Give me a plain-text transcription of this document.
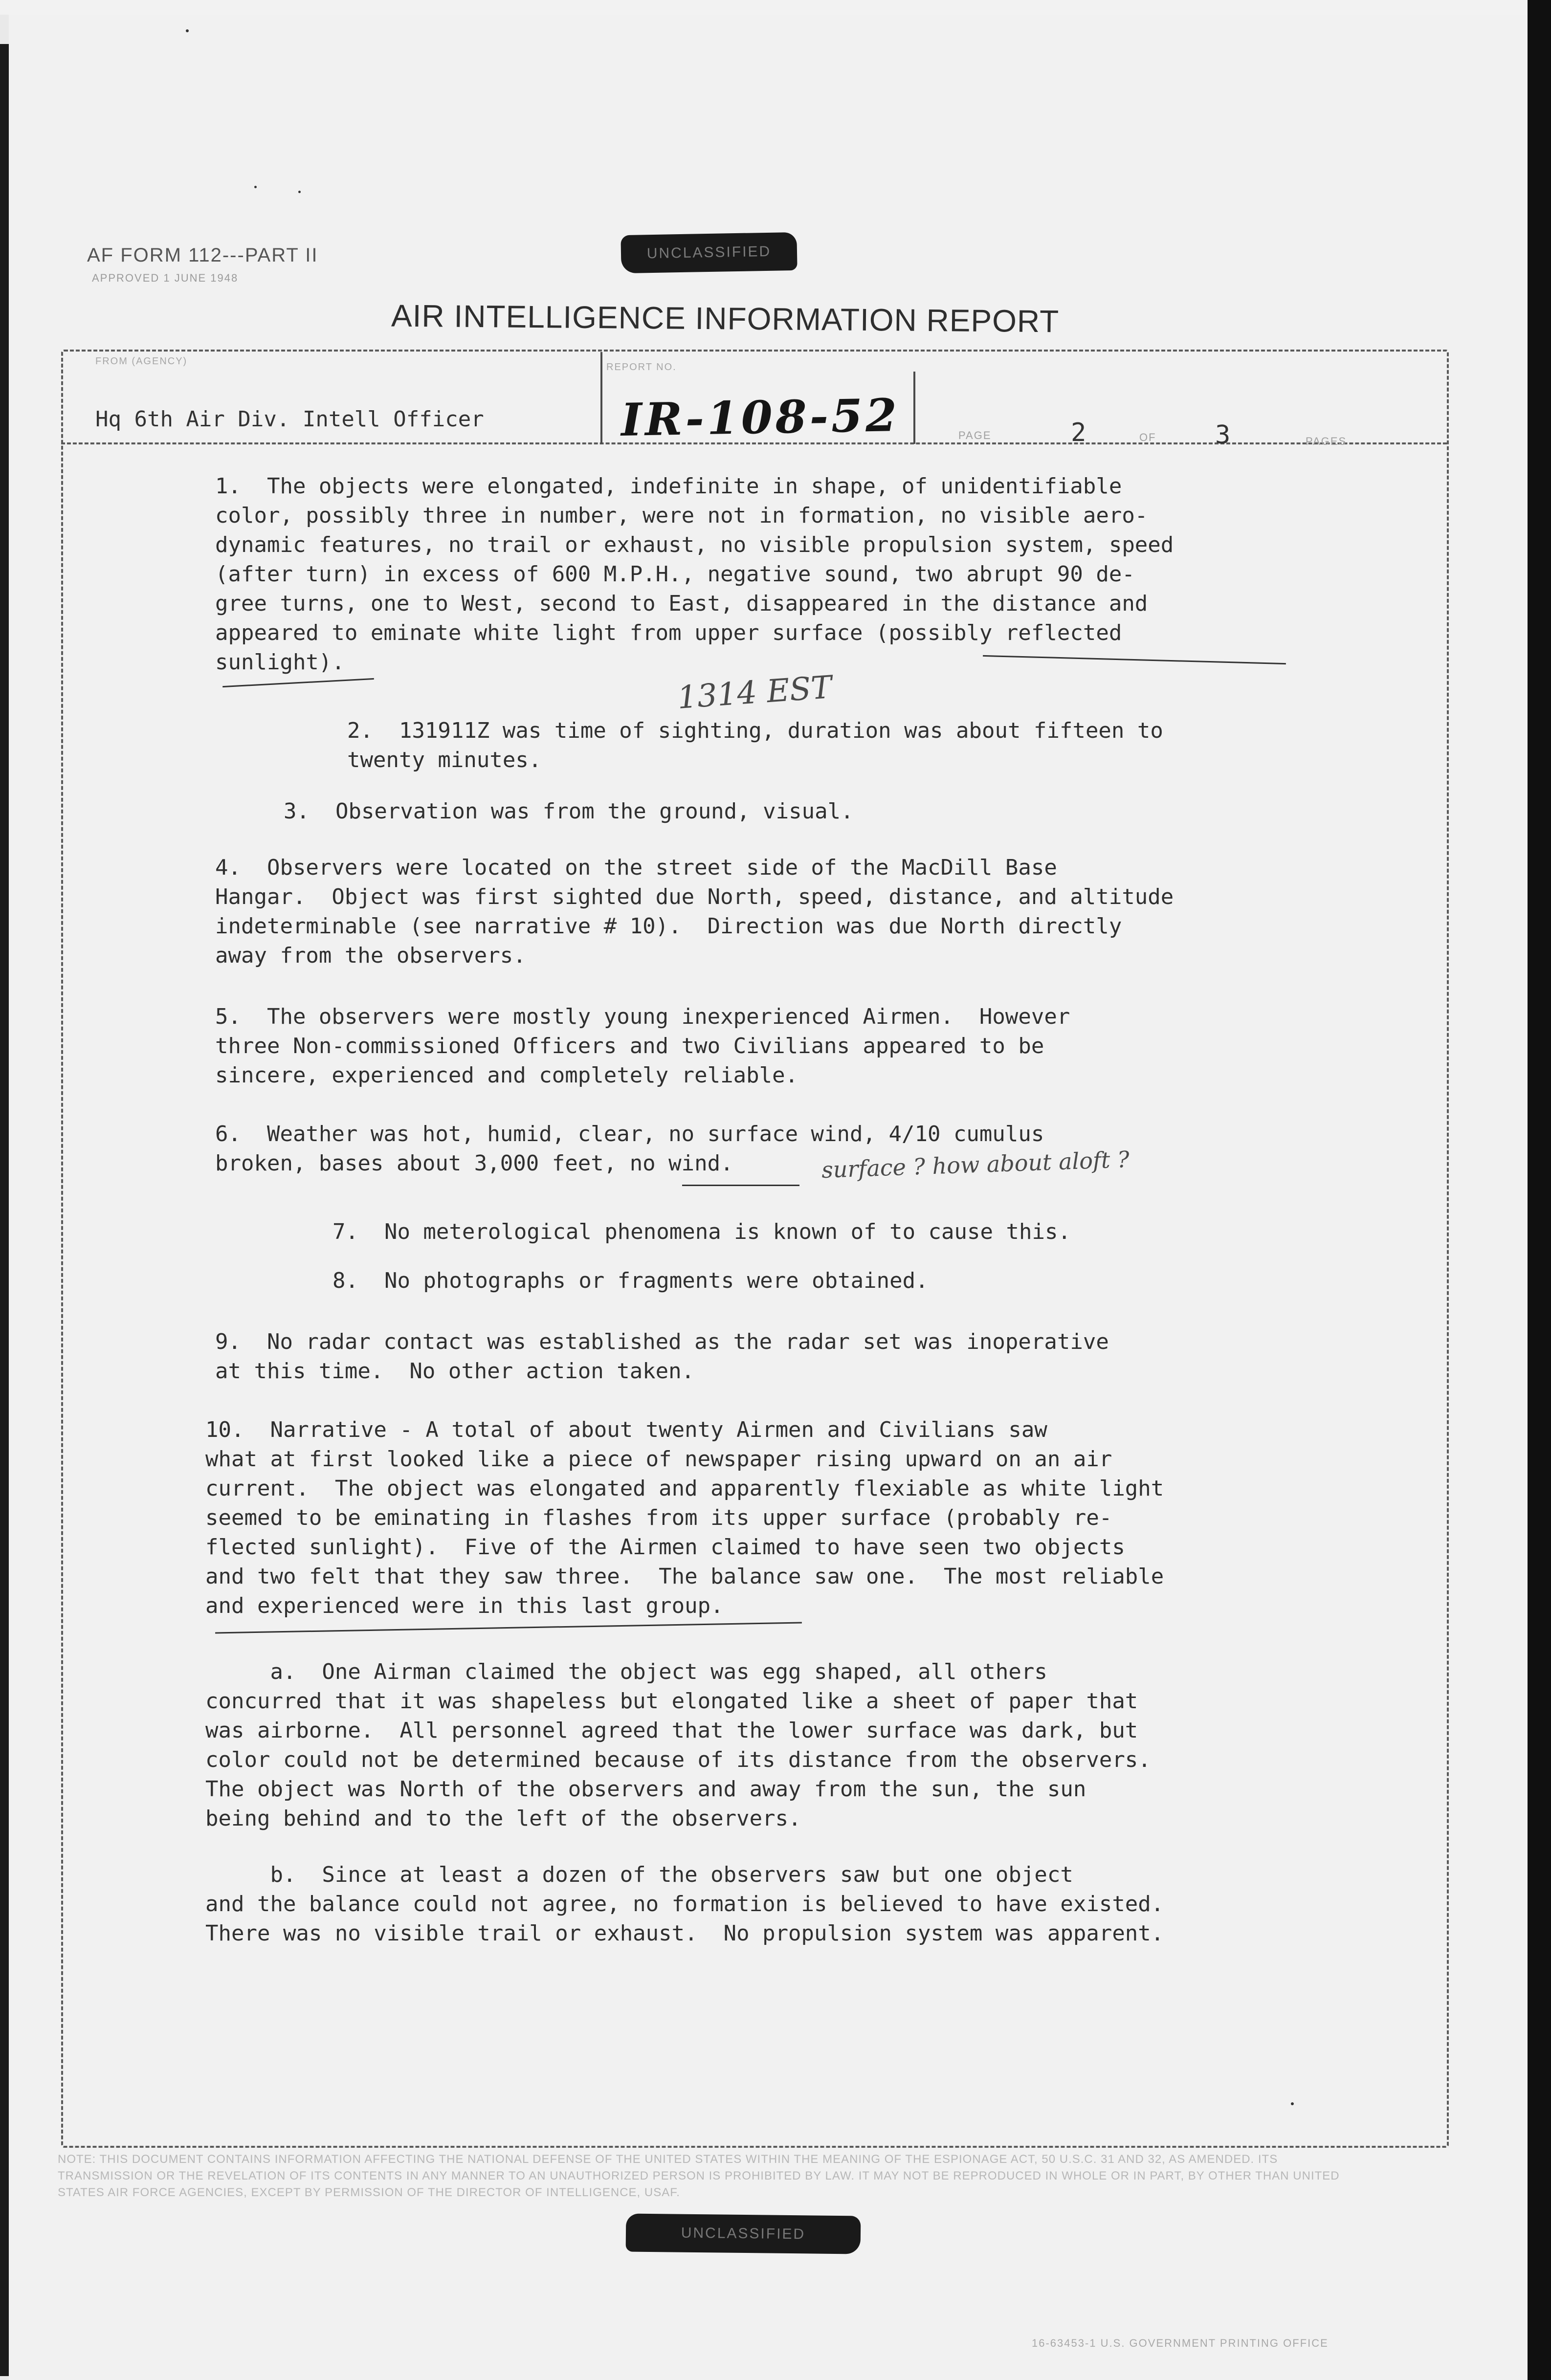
AF FORM 112---PART II
APPROVED 1 JUNE 1948
UNCLASSIFIED
AIR INTELLIGENCE INFORMATION REPORT
FROM (AGENCY)
Hq 6th Air Div. Intell Officer
REPORT NO.
IR-108-52	PAGE	2	OF 3	PAGES
1.  The objects were elongated, indefinite in shape, of unidentifiable
color, possibly three in number, were not in formation, no visible aero-
dynamic features, no trail or exhaust, no visible propulsion system, speed
(after turn) in excess of 600 M.P.H., negative sound, two abrupt 90 de-
gree turns, one to West, second to East, disappeared in the distance and
appeared to eminate white light from upper surface (possibly reflected
sunlight).
1314 EST
2.  131911Z was time of sighting, duration was about fifteen to
twenty minutes.
3.  Observation was from the ground, visual.
4.  Observers were located on the street side of the MacDill Base
Hangar.  Object was first sighted due North, speed, distance, and altitude
indeterminable (see narrative # 10).  Direction was due North directly
away from the observers.
5.  The observers were mostly young inexperienced Airmen.  However
three Non-commissioned Officers and two Civilians appeared to be
sincere, experienced and completely reliable.
6.  Weather was hot, humid, clear, no surface wind, 4/10 cumulus
broken, bases about 3,000 feet, no wind.	surface ? how about aloft ?
7.  No meterological phenomena is known of to cause this.
8.  No photographs or fragments were obtained.
9.  No radar contact was established as the radar set was inoperative
at this time.  No other action taken.
10.  Narrative - A total of about twenty Airmen and Civilians saw
what at first looked like a piece of newspaper rising upward on an air
current.  The object was elongated and apparently flexiable as white light
seemed to be eminating in flashes from its upper surface (probably re-
flected sunlight).  Five of the Airmen claimed to have seen two objects
and two felt that they saw three.  The balance saw one.  The most reliable
and experienced were in this last group.
a.  One Airman claimed the object was egg shaped, all others
concurred that it was shapeless but elongated like a sheet of paper that
was airborne.  All personnel agreed that the lower surface was dark, but
color could not be determined because of its distance from the observers.
The object was North of the observers and away from the sun, the sun
being behind and to the left of the observers.
b.  Since at least a dozen of the observers saw but one object
and the balance could not agree, no formation is believed to have existed.
There was no visible trail or exhaust.  No propulsion system was apparent.
NOTE: THIS DOCUMENT CONTAINS INFORMATION AFFECTING THE NATIONAL DEFENSE OF THE UNITED STATES WITHIN THE MEANING OF THE ESPIONAGE ACT, 50 U.S.C. 31 AND 32, AS AMENDED. ITS TRANSMISSION OR THE REVELATION OF ITS CONTENTS IN ANY MANNER TO AN UNAUTHORIZED PERSON IS PROHIBITED BY LAW. IT MAY NOT BE REPRODUCED IN WHOLE OR IN PART, BY OTHER THAN UNITED STATES AIR FORCE AGENCIES, EXCEPT BY PERMISSION OF THE DIRECTOR OF INTELLIGENCE, USAF.
UNCLASSIFIED
16-63453-1 U.S. GOVERNMENT PRINTING OFFICE
